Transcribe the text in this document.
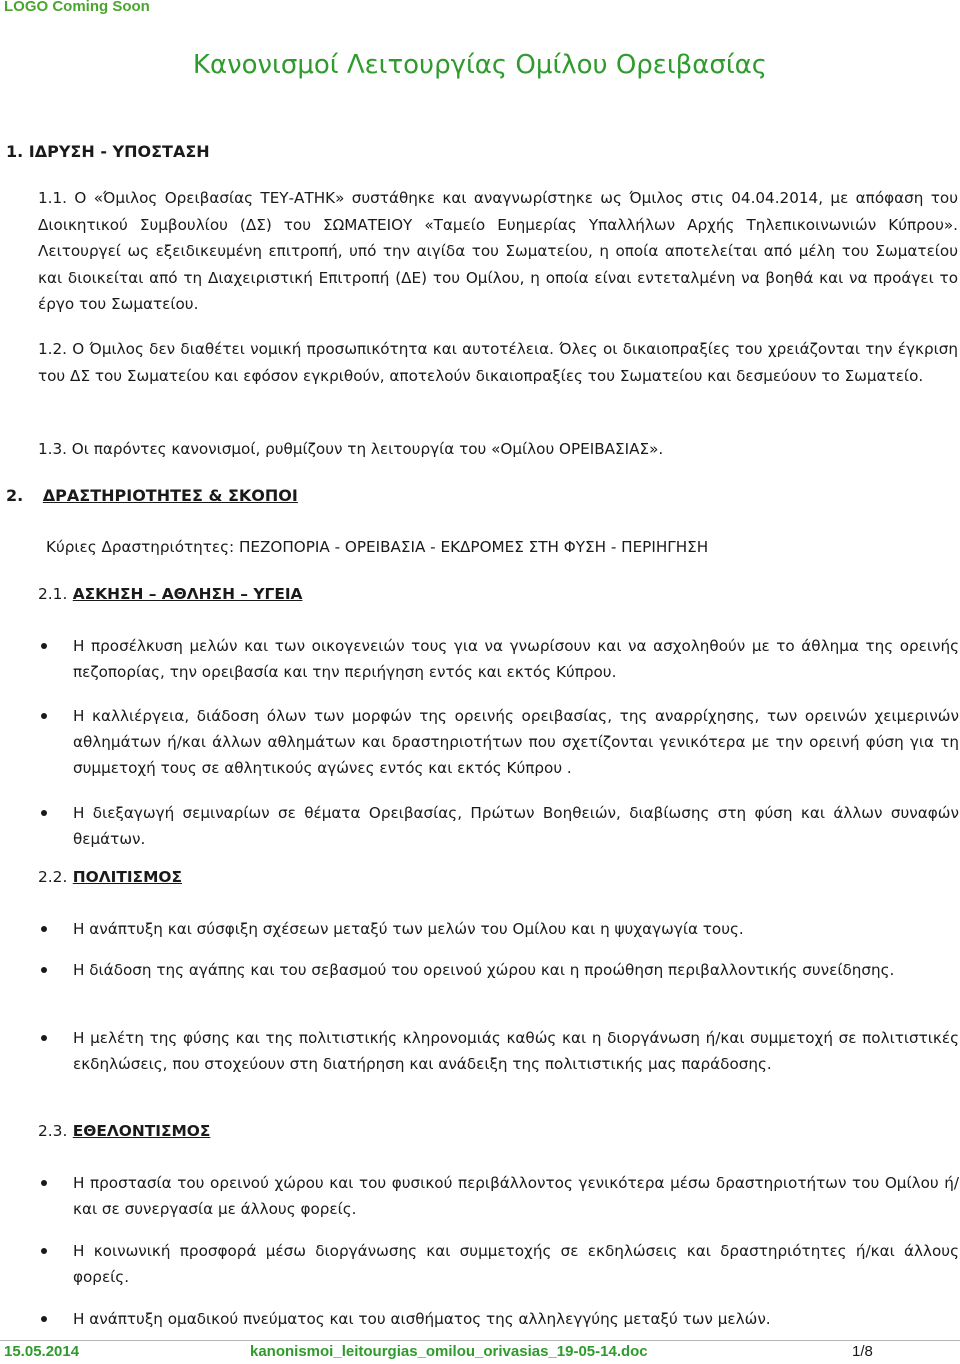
LOGO Coming Soon
Κανονισμοί Λειτουργίας Ομίλου Ορειβασίας
1. ΙΔΡΥΣΗ - ΥΠΟΣΤΑΣΗ
1.1. Ο «Όμιλος Ορειβασίας ΤΕΥ-ΑΤΗΚ» συστάθηκε και αναγνωρίστηκε ως Όμιλος στις 04.04.2014, με απόφαση του Διοικητικού Συμβουλίου (ΔΣ) του ΣΩΜΑΤΕΙΟΥ «Ταμείο Ευημερίας Υπαλλήλων Αρχής Τηλεπικοινωνιών Κύπρου». Λειτουργεί ως εξειδικευμένη επιτροπή, υπό την αιγίδα του Σωματείου, η οποία αποτελείται από μέλη του Σωματείου και διοικείται από τη Διαχειριστική Επιτροπή (ΔΕ) του Ομίλου, η οποία είναι εντεταλμένη να βοηθά και να προάγει το έργο του Σωματείου.
1.2. Ο Όμιλος δεν διαθέτει νομική προσωπικότητα και αυτοτέλεια. Όλες οι δικαιοπραξίες του χρειάζονται την έγκριση του ΔΣ του Σωματείου και εφόσον εγκριθούν, αποτελούν δικαιοπραξίες του Σωματείου και δεσμεύουν το Σωματείο.
1.3. Οι παρόντες κανονισμοί, ρυθμίζουν τη λειτουργία του «Ομίλου ΟΡΕΙΒΑΣΙΑΣ».
2. ΔΡΑΣΤΗΡΙΟΤΗΤΕΣ & ΣΚΟΠΟΙ
Κύριες Δραστηριότητες: ΠΕΖΟΠΟΡΙΑ - ΟΡΕΙΒΑΣΙΑ - ΕΚΔΡΟΜΕΣ ΣΤΗ ΦΥΣΗ - ΠΕΡΙΗΓΗΣΗ
2.1. ΑΣΚΗΣΗ – ΑΘΛΗΣΗ – ΥΓΕΙΑ
Η προσέλκυση μελών και των οικογενειών τους για να γνωρίσουν και να ασχοληθούν με το άθλημα της ορεινής πεζοπορίας, την ορειβασία και την περιήγηση εντός και εκτός Κύπρου.
Η καλλιέργεια, διάδοση όλων των μορφών της ορεινής ορειβασίας, της αναρρίχησης, των ορεινών χειμερινών αθλημάτων ή/και άλλων αθλημάτων και δραστηριοτήτων που σχετίζονται γενικότερα με την ορεινή φύση για τη συμμετοχή τους σε αθλητικούς αγώνες εντός και εκτός Κύπρου .
Η διεξαγωγή σεμιναρίων σε θέματα Ορειβασίας, Πρώτων Βοηθειών, διαβίωσης στη φύση και άλλων συναφών θεμάτων.
2.2. ΠΟΛΙΤΙΣΜΟΣ
Η ανάπτυξη και σύσφιξη σχέσεων μεταξύ των μελών του Ομίλου και η ψυχαγωγία τους.
Η διάδοση της αγάπης και του σεβασμού του ορεινού χώρου και η προώθηση περιβαλλοντικής συνείδησης.
Η μελέτη της φύσης και της πολιτιστικής κληρονομιάς καθώς και η διοργάνωση ή/και συμμετοχή σε πολιτιστικές εκδηλώσεις, που στοχεύουν στη διατήρηση και ανάδειξη της πολιτιστικής μας παράδοσης.
2.3. ΕΘΕΛΟΝΤΙΣΜΟΣ
Η προστασία του ορεινού χώρου και του φυσικού περιβάλλοντος γενικότερα μέσω δραστηριοτήτων του Ομίλου ή/και σε συνεργασία με άλλους φορείς.
Η κοινωνική προσφορά μέσω διοργάνωσης και συμμετοχής σε εκδηλώσεις και δραστηριότητες ή/και άλλους φορείς.
Η ανάπτυξη ομαδικού πνεύματος και του αισθήματος της αλληλεγγύης μεταξύ των μελών.
15.05.2014	kanonismoi_leitourgias_omilou_orivasias_19-05-14.doc	1/8
